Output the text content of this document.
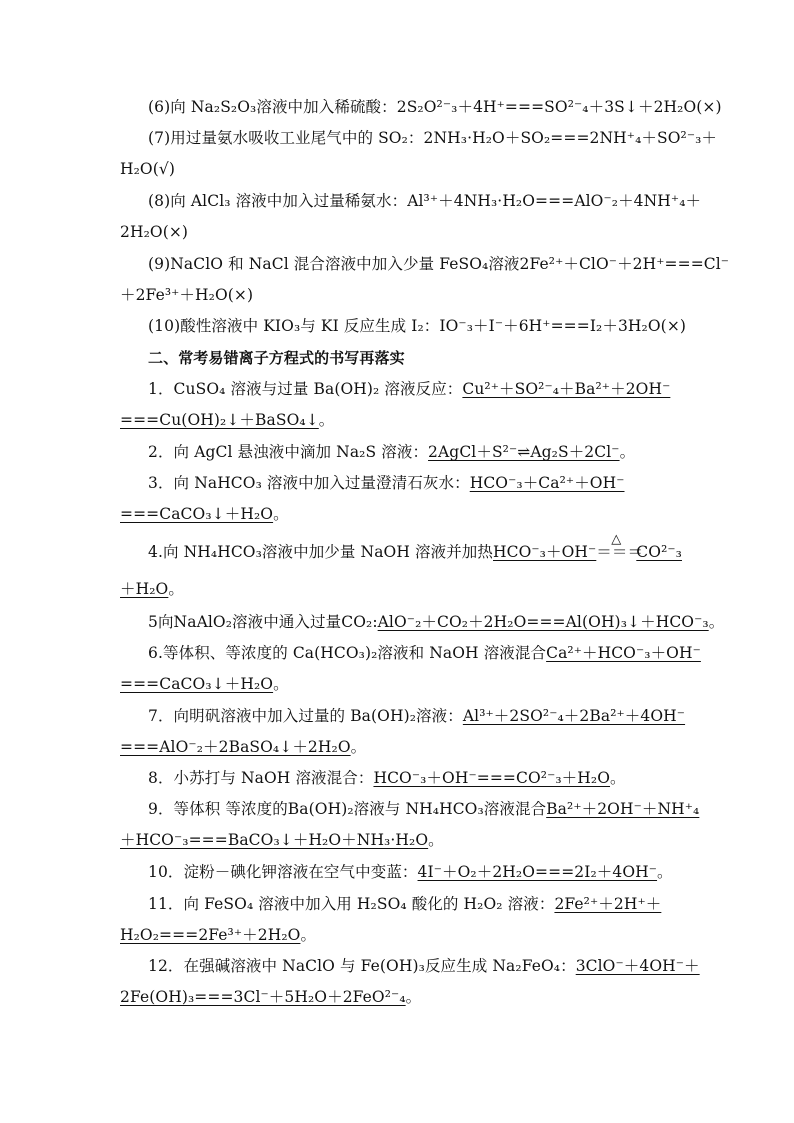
(6)向 Na₂S₂O₃溶液中加入稀硫酸：2S₂O²⁻₃＋4H⁺===SO²⁻₄＋3S↓＋2H₂O(×)
(7)用过量氨水吸收工业尾气中的 SO₂：2NH₃·H₂O＋SO₂===2NH⁺₄＋SO²⁻₃＋
H₂O(√)
(8)向 AlCl₃ 溶液中加入过量稀氨水：Al³⁺＋4NH₃·H₂O===AlO⁻₂＋4NH⁺₄＋
2H₂O(×)
(9)NaClO 和 NaCl 混合溶液中加入少量 FeSO₄溶液2Fe²⁺＋ClO⁻＋2H⁺===Cl⁻
＋2Fe³⁺＋H₂O(×)
(10)酸性溶液中 KIO₃与 KI 反应生成 I₂：IO⁻₃＋I⁻＋6H⁺===I₂＋3H₂O(×)
二、常考易错离子方程式的书写再落实
1．CuSO₄ 溶液与过量 Ba(OH)₂ 溶液反应：Cu²⁺＋SO²⁻₄＋Ba²⁺＋2OH⁻
===Cu(OH)₂↓＋BaSO₄↓。
2．向 AgCl 悬浊液中滴加 Na₂S 溶液：2AgCl＋S²⁻⇌Ag₂S＋2Cl⁻。
3．向 NaHCO₃ 溶液中加入过量澄清石灰水：HCO⁻₃＋Ca²⁺＋OH⁻
===CaCO₃↓＋H₂O。
4.向 NH₄HCO₃溶液中加少量 NaOH 溶液并加热HCO⁻₃＋OH⁻
△
＝＝＝CO²⁻₃
＋H₂O。
5向NaAlO₂溶液中通入过量CO₂:AlO⁻₂＋CO₂＋2H₂O===Al(OH)₃↓＋HCO⁻₃。
6.等体积、等浓度的 Ca(HCO₃)₂溶液和 NaOH 溶液混合Ca²⁺＋HCO⁻₃＋OH⁻
===CaCO₃↓＋H₂O。
7．向明矾溶液中加入过量的 Ba(OH)₂溶液：Al³⁺＋2SO²⁻₄＋2Ba²⁺＋4OH⁻
===AlO⁻₂＋2BaSO₄↓＋2H₂O。
8．小苏打与 NaOH 溶液混合：HCO⁻₃＋OH⁻===CO²⁻₃＋H₂O。
9．等体积 等浓度的Ba(OH)₂溶液与 NH₄HCO₃溶液混合Ba²⁺＋2OH⁻＋NH⁺₄
＋HCO⁻₃===BaCO₃↓＋H₂O＋NH₃·H₂O。
10．淀粉－碘化钾溶液在空气中变蓝：4I⁻＋O₂＋2H₂O===2I₂＋4OH⁻。
11．向 FeSO₄ 溶液中加入用 H₂SO₄ 酸化的 H₂O₂ 溶液：2Fe²⁺＋2H⁺＋
H₂O₂===2Fe³⁺＋2H₂O。
12．在强碱溶液中 NaClO 与 Fe(OH)₃反应生成 Na₂FeO₄：3ClO⁻＋4OH⁻＋
2Fe(OH)₃===3Cl⁻＋5H₂O＋2FeO²⁻₄。
